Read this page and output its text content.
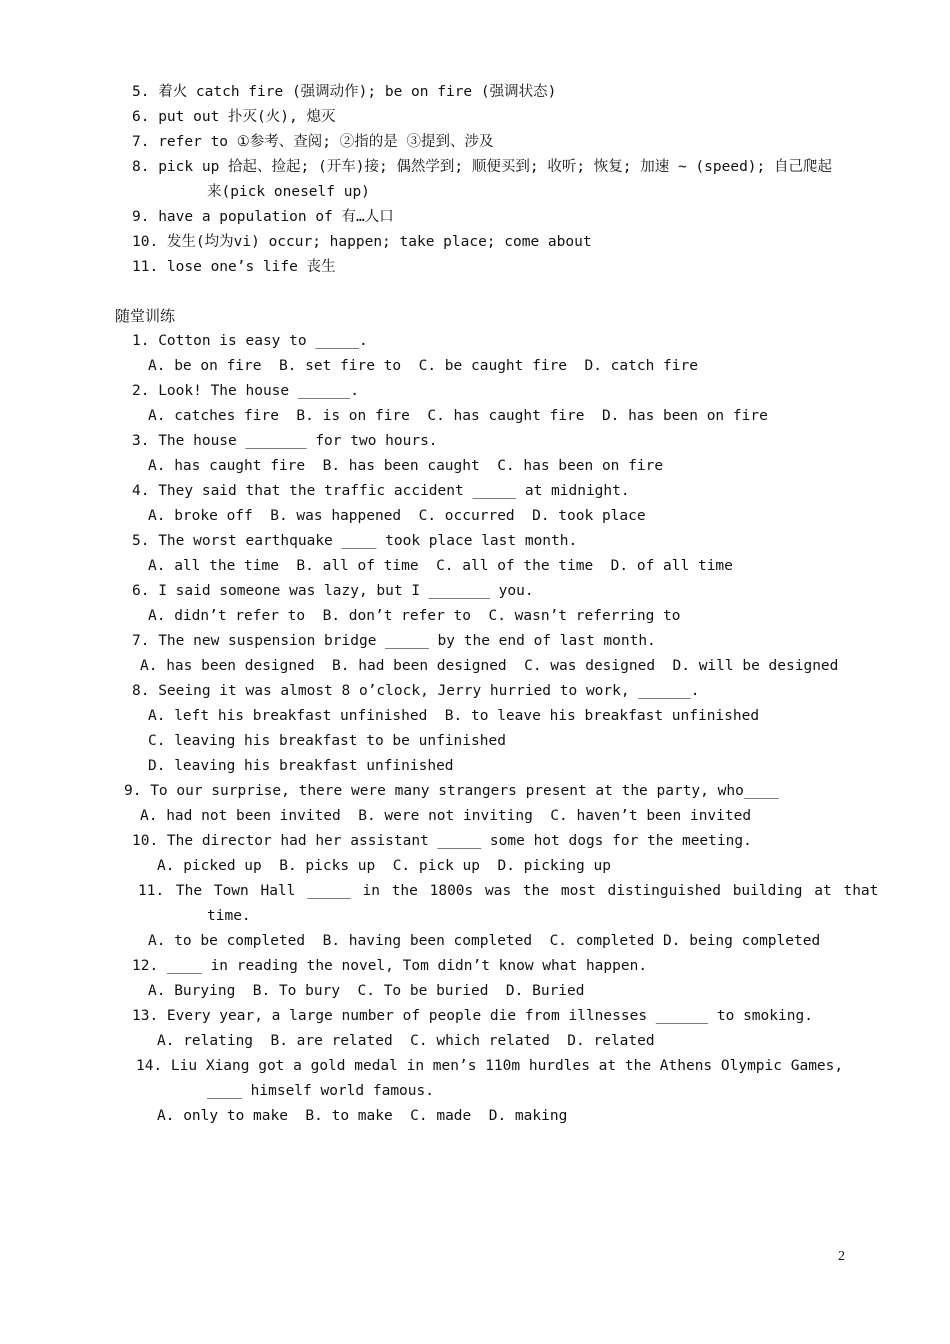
5. 着火 catch fire (强调动作); be on fire (强调状态)
6. put out 扑灭(火), 熄灭
7. refer to ①参考、查阅; ②指的是 ③提到、涉及
8. pick up 拾起、捡起; (开车)接; 偶然学到; 顺便买到; 收听; 恢复; 加速 ~ (speed); 自己爬起
来(pick oneself up)
9. have a population of 有…人口
10. 发生(均为vi) occur; happen; take place; come about
11. lose one’s life 丧生
随堂训练
1. Cotton is easy to _____.
A. be on fire  B. set fire to  C. be caught fire  D. catch fire
2. Look! The house ______.
A. catches fire  B. is on fire  C. has caught fire  D. has been on fire
3. The house _______ for two hours.
A. has caught fire  B. has been caught  C. has been on fire
4. They said that the traffic accident _____ at midnight.
A. broke off  B. was happened  C. occurred  D. took place
5. The worst earthquake ____ took place last month.
A. all the time  B. all of time  C. all of the time  D. of all time
6. I said someone was lazy, but I _______ you.
A. didn’t refer to  B. don’t refer to  C. wasn’t referring to
7. The new suspension bridge _____ by the end of last month.
A. has been designed  B. had been designed  C. was designed  D. will be designed
8. Seeing it was almost 8 o’clock, Jerry hurried to work, ______.
A. left his breakfast unfinished  B. to leave his breakfast unfinished
C. leaving his breakfast to be unfinished
D. leaving his breakfast unfinished
9. To our surprise, there were many strangers present at the party, who____
A. had not been invited  B. were not inviting  C. haven’t been invited
10. The director had her assistant _____ some hot dogs for the meeting.
A. picked up  B. picks up  C. pick up  D. picking up
11. The Town Hall _____ in the 1800s was the most distinguished building at that
time.
A. to be completed  B. having been completed  C. completed D. being completed
12. ____ in reading the novel, Tom didn’t know what happen.
A. Burying  B. To bury  C. To be buried  D. Buried
13. Every year, a large number of people die from illnesses ______ to smoking.
A. relating  B. are related  C. which related  D. related
14. Liu Xiang got a gold medal in men’s 110m hurdles at the Athens Olympic Games,
____ himself world famous.
A. only to make  B. to make  C. made  D. making
2
